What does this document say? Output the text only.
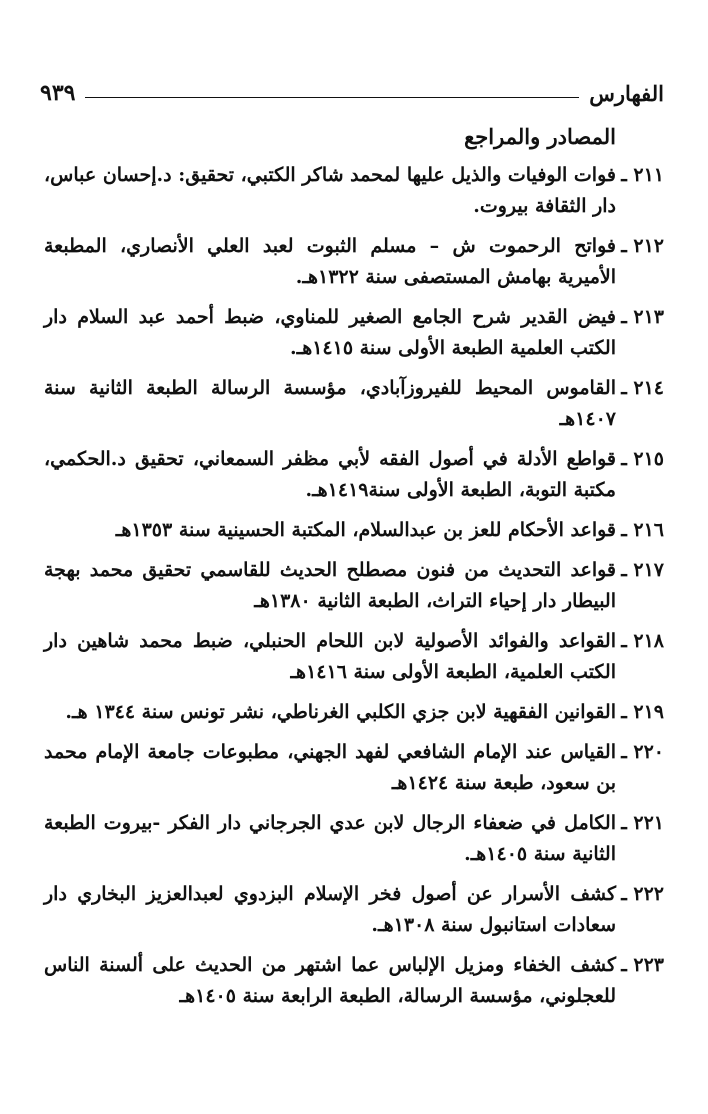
الفهارس
٩٣٩
المصادر والمراجع
٢١١ ـ
فوات الوفيات والذيل عليها لمحمد شاكر الكتبي، تحقيق: د.إحسان عباس، دار الثقافة بيروت.
٢١٢ ـ
فواتح الرحموت ش – مسلم الثبوت لعبد العلي الأنصاري، المطبعة الأميرية بهامش المستصفى سنة ١٣٢٢هـ.
٢١٣ ـ
فيض القدير شرح الجامع الصغير للمناوي، ضبط أحمد عبد السلام دار الكتب العلمية الطبعة الأولى سنة ١٤١٥هـ.
٢١٤ ـ
القاموس المحيط للفيروزآبادي، مؤسسة الرسالة الطبعة الثانية سنة ١٤٠٧هـ
٢١٥ ـ
قواطع الأدلة في أصول الفقه لأبي مظفر السمعاني، تحقيق د.الحكمي، مكتبة التوبة، الطبعة الأولى سنة١٤١٩هـ.
٢١٦ ـ
قواعد الأحكام للعز بن عبدالسلام، المكتبة الحسينية سنة ١٣٥٣هـ
٢١٧ ـ
قواعد التحديث من فنون مصطلح الحديث للقاسمي تحقيق محمد بهجة البيطار دار إحياء التراث، الطبعة الثانية ١٣٨٠هـ
٢١٨ ـ
القواعد والفوائد الأصولية لابن اللحام الحنبلي، ضبط محمد شاهين دار الكتب العلمية، الطبعة الأولى سنة ١٤١٦هـ
٢١٩ ـ
القوانين الفقهية لابن جزي الكلبي الغرناطي، نشر تونس سنة ١٣٤٤ هـ.
٢٢٠ ـ
القياس عند الإمام الشافعي لفهد الجهني، مطبوعات جامعة الإمام محمد بن سعود، طبعة سنة ١٤٢٤هـ
٢٢١ ـ
الكامل في ضعفاء الرجال لابن عدي الجرجاني دار الفكر -بيروت الطبعة الثانية سنة ١٤٠٥هـ.
٢٢٢ ـ
كشف الأسرار عن أصول فخر الإسلام البزدوي لعبدالعزيز البخاري دار سعادات استانبول سنة ١٣٠٨هـ.
٢٢٣ ـ
كشف الخفاء ومزيل الإلباس عما اشتهر من الحديث على ألسنة الناس للعجلوني، مؤسسة الرسالة، الطبعة الرابعة سنة ١٤٠٥هـ
